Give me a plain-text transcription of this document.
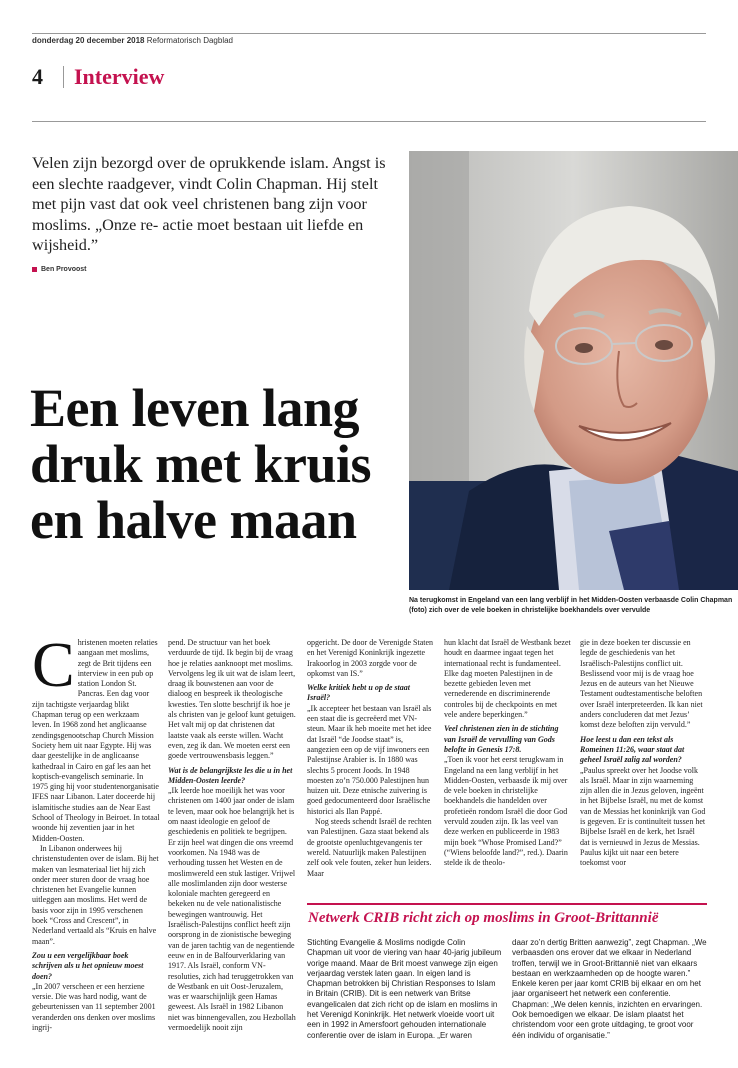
donderdag 20 december 2018 Reformatorisch Dagblad
4 Interview
Velen zijn bezorgd over de oprukkende islam. Angst is een slechte raadgever, vindt Colin Chapman. Hij stelt met pijn vast dat ook veel christenen bang zijn voor moslims. „Onze re- actie moet bestaan uit liefde en wijsheid.”
Ben Provoost
Een leven lang druk met kruis en halve maan
Na terugkomst in Engeland van een lang verblijf in het Midden-Oosten verbaasde Colin Chapman (foto) zich over de vele boeken in christelijke boekhandels over vervulde

Christenen moeten relaties aangaan met moslims, zegt de Brit tijdens een interview in een pub op station London St. Pancras. Een dag voor zijn tachtigste verjaardag blikt Chapman terug op een werkzaam leven. In 1968 zond het anglicaanse zendingsgenootschap Church Mission Society hem uit naar Egypte. Hij was daar geestelijke in de anglicaanse kathedraal in Cairo en gaf les aan het koptisch-evangelisch seminarie. In 1975 ging hij voor studentenorganisatie IFES naar Libanon. Later doceerde hij islamitische studies aan de Near East School of Theology in Beiroet. In totaal woonde hij zeventien jaar in het Midden-Oosten.

In Libanon onderwees hij christenstudenten over de islam. Bij het maken van lesmateriaal liet hij zich onder meer sturen door de vraag hoe christenen het Evangelie kunnen uitleggen aan moslims. Het werd de basis voor zijn in 1995 verschenen boek “Cross and Crescent”, in Nederland vertaald als “Kruis en halve maan”.

Zou u een vergelijkbaar boek schrijven als u het opnieuw moest doen?

„In 2007 verscheen er een herziene versie. Die was hard nodig, want de gebeurtenissen van 11 september 2001 veranderden ons denken over moslims ingrij-

pend. De structuur van het boek verduurde de tijd. Ik begin bij de vraag hoe je relaties aanknoopt met moslims. Vervolgens leg ik uit wat de islam leert, draag ik bouwstenen aan voor de dialoog en bespreek ik theologische kwesties. Ten slotte beschrijf ik hoe je als christen van je geloof kunt getuigen. Het valt mij op dat christenen dat laatste vaak als eerste willen. Wacht even, zeg ik dan. We moeten eerst een goede vertrouwensbasis leggen.”

Wat is de belangrijkste les die u in het Midden-Oosten leerde?

„Ik leerde hoe moeilijk het was voor christenen om 1400 jaar onder de islam te leven, maar ook hoe belangrijk het is om naast ideologie en geloof de geschiedenis en politiek te begrijpen. Er zijn heel wat dingen die ons vreemd voorkomen. Na 1948 was de verhouding tussen het Westen en de moslimwereld een stuk lastiger. Vrijwel alle moslimlanden zijn door westerse koloniale machten geregeerd en bekeken nu de vele nationalistische bewegingen wantrouwig. Het Israëlisch-Palestijns conflict heeft zijn oorsprong in de zionistische beweging van de jaren tachtig van de negentiende eeuw en in de Balfourverklaring van 1917. Als Israël, conform VN-resoluties, zich had teruggetrokken van de Westbank en uit Oost-Jeruzalem, was er waarschijnlijk geen Hamas geweest. Als Israël in 1982 Libanon niet was binnengevallen, zou Hezbollah vermoedelijk nooit zijn

opgericht. De door de Verenigde Staten en het Verenigd Koninkrijk ingezette Irakoorlog in 2003 zorgde voor de opkomst van IS.”

Welke kritiek hebt u op de staat Israël?

„Ik accepteer het bestaan van Israël als een staat die is gecreëerd met VN-steun. Maar ik heb moeite met het idee dat Israël “de Joodse staat” is, aangezien een op de vijf inwoners een Palestijnse Arabier is. In 1880 was slechts 5 procent Joods. In 1948 moesten zo’n 750.000 Palestijnen hun huizen uit. Deze etnische zuivering is goed gedocumenteerd door Israëlische historici als Ilan Pappé.

Nog steeds schendt Israël de rechten van Palestijnen. Gaza staat bekend als de grootste openluchtgevangenis ter wereld. Natuurlijk maken Palestijnen zelf ook vele fouten, zeker hun leiders. Maar

hun klacht dat Israël de Westbank bezet houdt en daarmee ingaat tegen het internationaal recht is fundamenteel. Elke dag moeten Palestijnen in de bezette gebieden leven met vernederende en discriminerende controles bij de checkpoints en met vele andere beperkingen.”

Veel christenen zien in de stichting van Israël de vervulling van Gods belofte in Genesis 17:8.

„Toen ik voor het eerst terugkwam in Engeland na een lang verblijf in het Midden-Oosten, verbaasde ik mij over de vele boeken in christelijke boekhandels die handelden over profetieën rondom Israël die door God vervuld zouden zijn. Ik las veel van deze werken en publiceerde in 1983 mijn boek “Whose Promised Land?” (“Wiens beloofde land?”, red.). Daarin stelde ik de theolo-

gie in deze boeken ter discussie en legde de geschiedenis van het Israëlisch-Palestijns conflict uit. Beslissend voor mij is de vraag hoe Jezus en de auteurs van het Nieuwe Testament oudtestamentische beloften over Israël interpreteerden. Ik kan niet anders concluderen dat met Jezus’ komst deze beloften zijn vervuld.”

Hoe leest u dan een tekst als Romeinen 11:26, waar staat dat geheel Israël zalig zal worden?

„Paulus spreekt over het Joodse volk als Israël. Maar in zijn waarneming zijn allen die in Jezus geloven, ingeënt in het Bijbelse Israël, nu met de komst van de Messias het koninkrijk van God is gegeven. Er is continuïteit tussen het Bijbelse Israël en de kerk, het Israël dat is vernieuwd in Jezus de Messias. Paulus kijkt uit naar een betere toekomst voor

Netwerk CRIB richt zich op moslims in Groot-Brittannië
Stichting Evangelie & Moslims nodigde Colin Chapman uit voor de viering van haar 40-jarig jubileum vorige maand. Maar de Brit moest vanwege zijn eigen verjaardag verstek laten gaan. In eigen land is Chapman betrokken bij Christian Responses to Islam in Britain (CRIB). Dit is een netwerk van Britse evangelicalen dat zich richt op de islam en moslims in het Verenigd Koninkrijk. Het netwerk vloeide voort uit een in 1992 in Amersfoort gehouden internationale conferentie over de islam in Europa. „Er waren
daar zo’n dertig Britten aanwezig”, zegt Chapman. „We verbaasden ons erover dat we elkaar in Nederland troffen, terwijl we in Groot-Brittannië niet van elkaars bestaan en werkzaamheden op de hoogte waren.” Enkele keren per jaar komt CRIB bij elkaar en om het jaar organiseert het netwerk een conferentie. Chapman: „We delen kennis, inzichten en ervaringen. Ook bemoedigen we elkaar. De islam plaatst het christendom voor een grote uitdaging, te groot voor één individu of organisatie.”
